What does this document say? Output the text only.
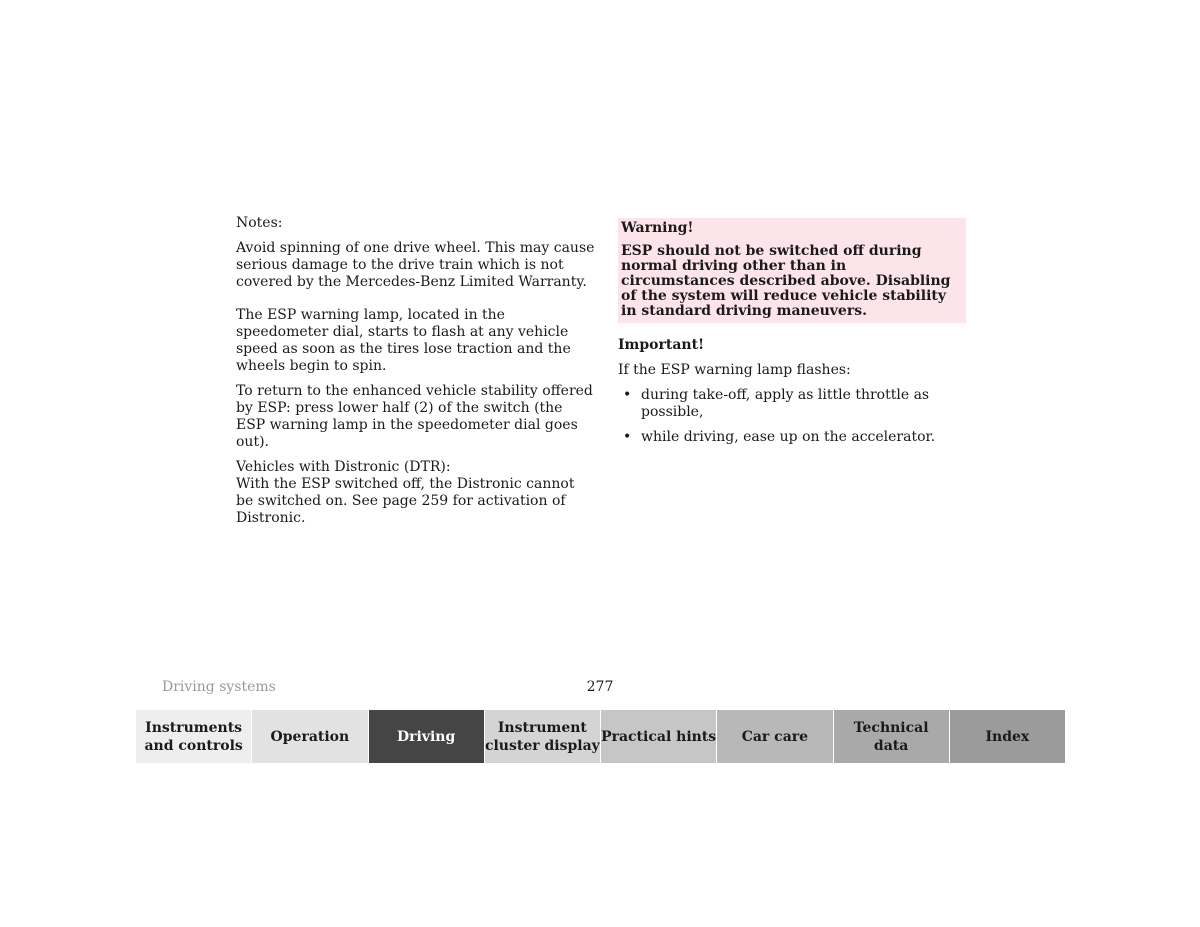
Notes:

Avoid spinning of one drive wheel. This may cause serious damage to the drive train which is not covered by the Mercedes-Benz Limited Warranty.

The ESP warning lamp, located in the speedometer dial, starts to flash at any vehicle speed as soon as the tires lose traction and the wheels begin to spin.

To return to the enhanced vehicle stability offered by ESP: press lower half (2) of the switch (the ESP warning lamp in the speedometer dial goes out).

Vehicles with Distronic (DTR):

With the ESP switched off, the Distronic cannot be switched on. See page 259 for activation of Distronic.

Warning!

ESP should not be switched off during normal driving other than in circumstances described above. Disabling of the system will reduce vehicle stability in standard driving maneuvers.

Important!

If the ESP warning lamp flashes:

• during take-off, apply as little throttle as possible,
• while driving, ease up on the accelerator.
Driving systems	277
Instruments
and controls
Operation	Driving
Instrument
cluster display
Practical hints Car care
Technical
data
Index
